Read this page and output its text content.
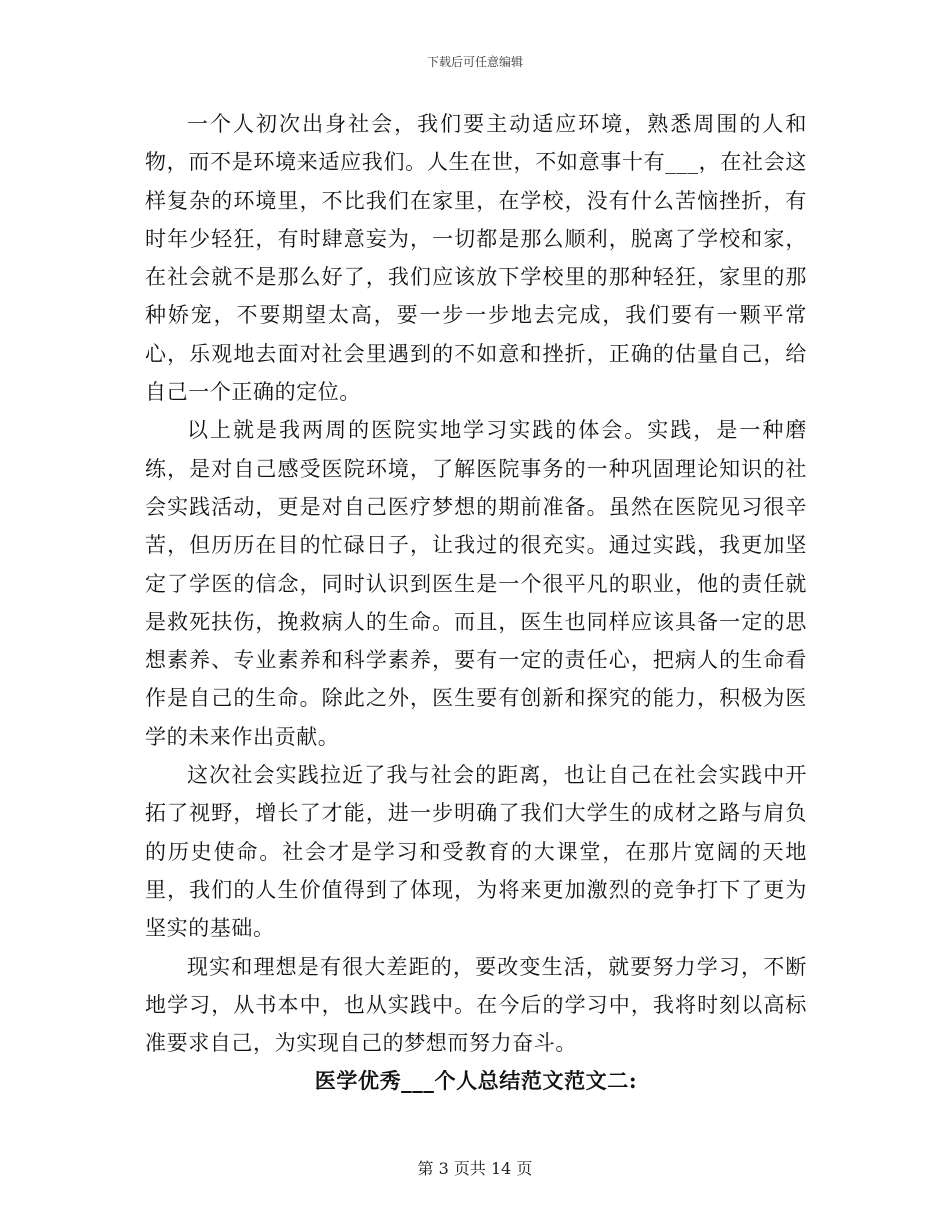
下载后可任意编辑

一个人初次出身社会，我们要主动适应环境，熟悉周围的人和物，而不是环境来适应我们。人生在世，不如意事十有___，在社会这样复杂的环境里，不比我们在家里，在学校，没有什么苦恼挫折，有时年少轻狂，有时肆意妄为，一切都是那么顺利，脱离了学校和家，在社会就不是那么好了，我们应该放下学校里的那种轻狂，家里的那种娇宠，不要期望太高，要一步一步地去完成，我们要有一颗平常心，乐观地去面对社会里遇到的不如意和挫折，正确的估量自己，给自己一个正确的定位。

以上就是我两周的医院实地学习实践的体会。实践，是一种磨练，是对自己感受医院环境，了解医院事务的一种巩固理论知识的社会实践活动，更是对自己医疗梦想的期前准备。虽然在医院见习很辛苦，但历历在目的忙碌日子，让我过的很充实。通过实践，我更加坚定了学医的信念，同时认识到医生是一个很平凡的职业，他的责任就是救死扶伤，挽救病人的生命。而且，医生也同样应该具备一定的思想素养、专业素养和科学素养，要有一定的责任心，把病人的生命看作是自己的生命。除此之外，医生要有创新和探究的能力，积极为医学的未来作出贡献。

这次社会实践拉近了我与社会的距离，也让自己在社会实践中开拓了视野，增长了才能，进一步明确了我们大学生的成材之路与肩负的历史使命。社会才是学习和受教育的大课堂，在那片宽阔的天地里，我们的人生价值得到了体现，为将来更加激烈的竞争打下了更为坚实的基础。

现实和理想是有很大差距的，要改变生活，就要努力学习，不断地学习，从书本中，也从实践中。在今后的学习中，我将时刻以高标准要求自己，为实现自己的梦想而努力奋斗。

医学优秀___个人总结范文范文二:

第 3 页共 14 页
